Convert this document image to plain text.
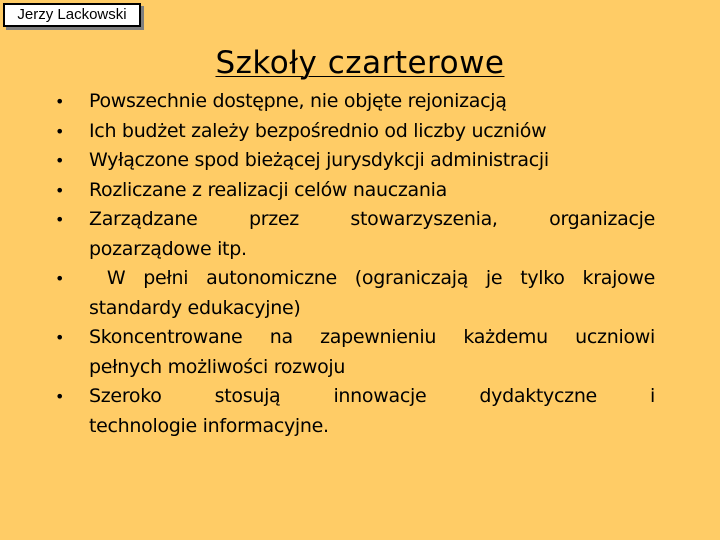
Jerzy Lackowski
Szkoły czarterowe
• Powszechnie dostępne, nie objęte rejonizacją
• Ich budżet zależy bezpośrednio od liczby uczniów
• Wyłączone spod bieżącej jurysdykcji administracji
• Rozliczane z realizacji celów nauczania
• Zarządzane przez stowarzyszenia, organizacje
pozarządowe itp.
• W pełni autonomiczne (ograniczają je tylko krajowe
standardy edukacyjne)
• Skoncentrowane na zapewnieniu każdemu uczniowi
pełnych możliwości rozwoju
• Szeroko stosują innowacje dydaktyczne i
technologie informacyjne.
